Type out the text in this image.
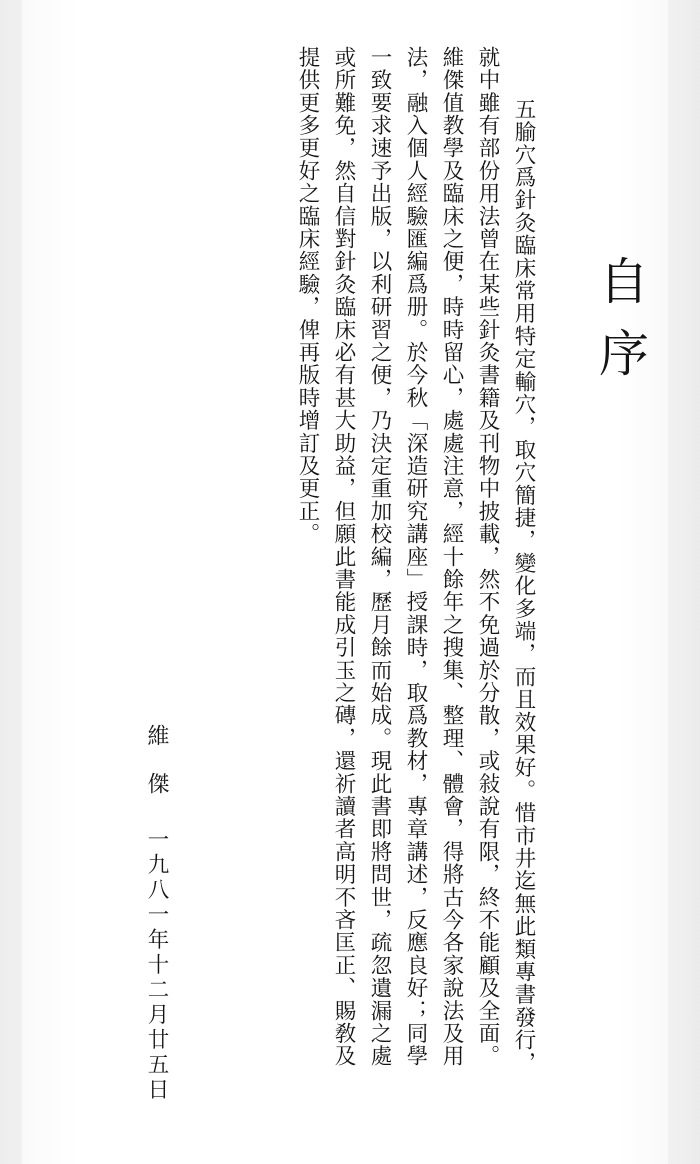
自序

五腧穴爲針灸臨床常用特定輸穴，取穴簡捷，變化多端，而且效果好。惜市井迄無此類專書發行，

就中雖有部份用法曾在某些針灸書籍及刊物中披載，然不免過於分散，或敍說有限，終不能顧及全面。

維傑值教學及臨床之便，時時留心，處處注意，經十餘年之搜集、整理、體會，得將古今各家說法及用

法，融入個人經驗匯編爲册。於今秋「深造研究講座」授課時，取爲教材，專章講述，反應良好；同學

一致要求速予出版，以利研習之便，乃決定重加校編，歷月餘而始成。現此書即將問世，疏忽遺漏之處

或所難免，然自信對針灸臨床必有甚大助益，但願此書能成引玉之磚，還祈讀者高明不吝匡正、賜敎及

提供更多更好之臨床經驗，俾再版時增訂及更正。

維傑

一九八一年十二月廿五日
